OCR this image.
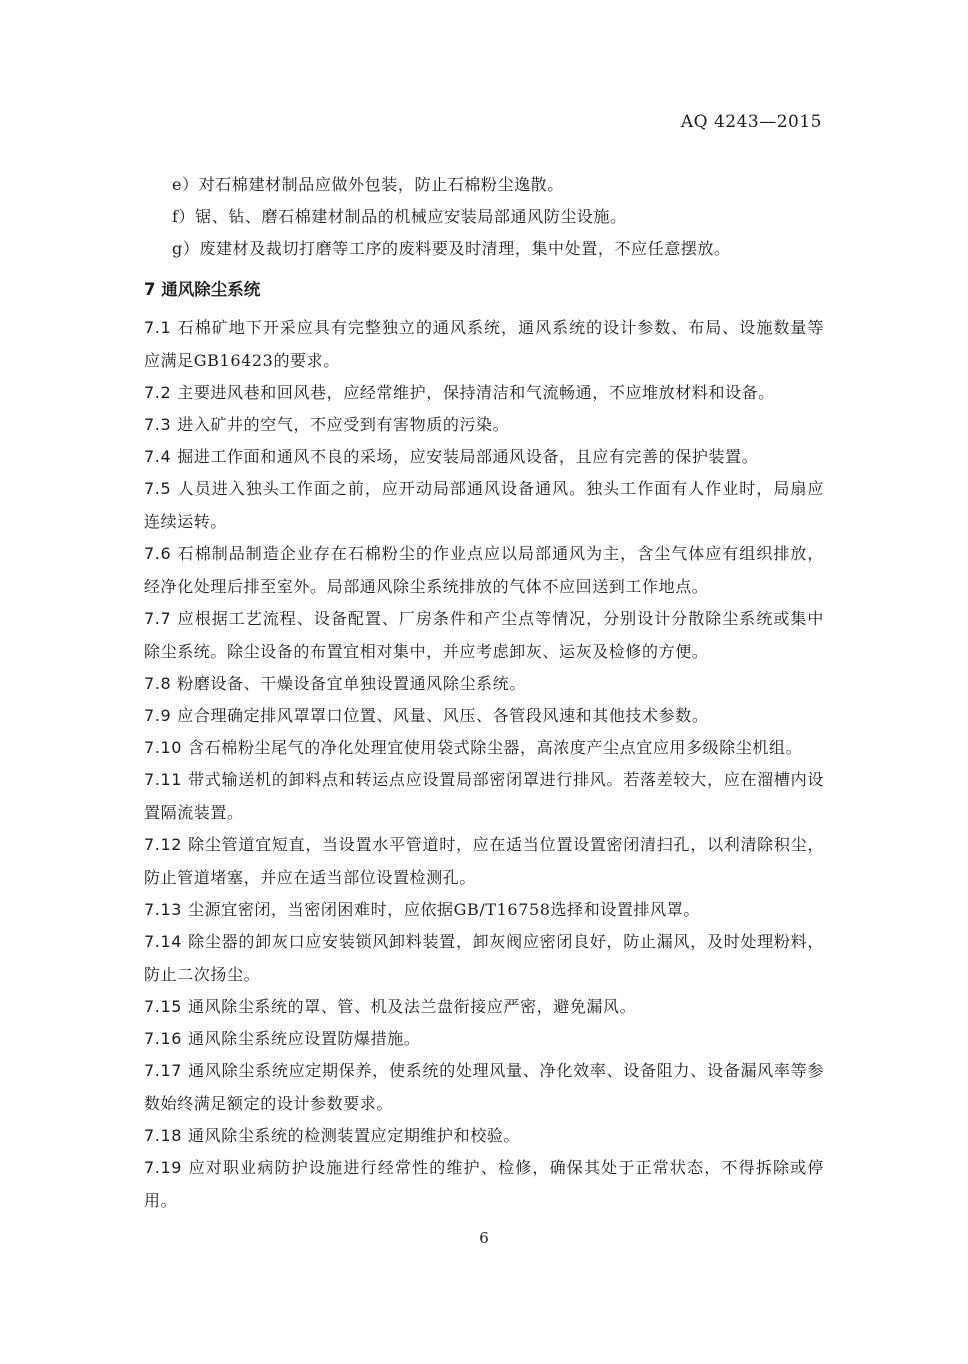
AQ 4243—2015
e）对石棉建材制品应做外包装，防止石棉粉尘逸散。
f）锯、钻、磨石棉建材制品的机械应安装局部通风防尘设施。
g）废建材及裁切打磨等工序的废料要及时清理，集中处置，不应任意摆放。
7 通风除尘系统

7.1 石棉矿地下开采应具有完整独立的通风系统，通风系统的设计参数、布局、设施数量等应满足GB16423的要求。

7.2 主要进风巷和回风巷，应经常维护，保持清洁和气流畅通，不应堆放材料和设备。

7.3 进入矿井的空气，不应受到有害物质的污染。

7.4 掘进工作面和通风不良的采场，应安装局部通风设备，且应有完善的保护装置。

7.5 人员进入独头工作面之前，应开动局部通风设备通风。独头工作面有人作业时，局扇应连续运转。

7.6 石棉制品制造企业存在石棉粉尘的作业点应以局部通风为主，含尘气体应有组织排放，经净化处理后排至室外。局部通风除尘系统排放的气体不应回送到工作地点。

7.7 应根据工艺流程、设备配置、厂房条件和产尘点等情况，分别设计分散除尘系统或集中除尘系统。除尘设备的布置宜相对集中，并应考虑卸灰、运灰及检修的方便。

7.8 粉磨设备、干燥设备宜单独设置通风除尘系统。

7.9 应合理确定排风罩罩口位置、风量、风压、各管段风速和其他技术参数。

7.10 含石棉粉尘尾气的净化处理宜使用袋式除尘器，高浓度产尘点宜应用多级除尘机组。

7.11 带式输送机的卸料点和转运点应设置局部密闭罩进行排风。若落差较大，应在溜槽内设置隔流装置。

7.12 除尘管道宜短直，当设置水平管道时，应在适当位置设置密闭清扫孔，以利清除积尘，防止管道堵塞，并应在适当部位设置检测孔。

7.13 尘源宜密闭，当密闭困难时，应依据GB/T16758选择和设置排风罩。

7.14 除尘器的卸灰口应安装锁风卸料装置，卸灰阀应密闭良好，防止漏风，及时处理粉料，防止二次扬尘。

7.15 通风除尘系统的罩、管、机及法兰盘衔接应严密，避免漏风。

7.16 通风除尘系统应设置防爆措施。

7.17 通风除尘系统应定期保养，使系统的处理风量、净化效率、设备阻力、设备漏风率等参数始终满足额定的设计参数要求。

7.18 通风除尘系统的检测装置应定期维护和校验。

7.19 应对职业病防护设施进行经常性的维护、检修，确保其处于正常状态，不得拆除或停用。

6
